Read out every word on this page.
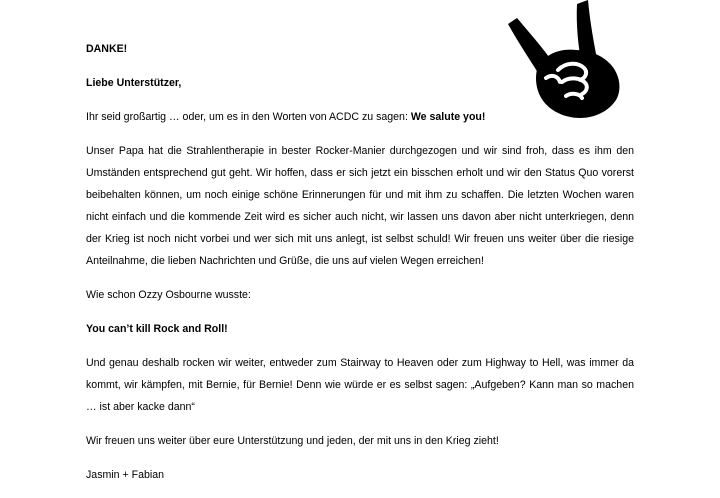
DANKE!

Liebe Unterstützer,

Ihr seid großartig … oder, um es in den Worten von ACDC zu sagen: We salute you!

Unser Papa hat die Strahlentherapie in bester Rocker-Manier durchgezogen und wir sind froh, dass es ihm den Umständen entsprechend gut geht. Wir hoffen, dass er sich jetzt ein bisschen erholt und wir den Status Quo vorerst beibehalten können, um noch einige schöne Erinnerungen für und mit ihm zu schaffen. Die letzten Wochen waren nicht einfach und die kommende Zeit wird es sicher auch nicht, wir lassen uns davon aber nicht unterkriegen, denn der Krieg ist noch nicht vorbei und wer sich mit uns anlegt, ist selbst schuld! Wir freuen uns weiter über die riesige Anteilnahme, die lieben Nachrichten und Grüße, die uns auf vielen Wegen erreichen!

Wie schon Ozzy Osbourne wusste:

You can’t kill Rock and Roll!

Und genau deshalb rocken wir weiter, entweder zum Stairway to Heaven oder zum Highway to Hell, was immer da kommt, wir kämpfen, mit Bernie, für Bernie! Denn wie würde er es selbst sagen: „Aufgeben? Kann man so machen … ist aber kacke dann“

Wir freuen uns weiter über eure Unterstützung und jeden, der mit uns in den Krieg zieht!

Jasmin + Fabian
